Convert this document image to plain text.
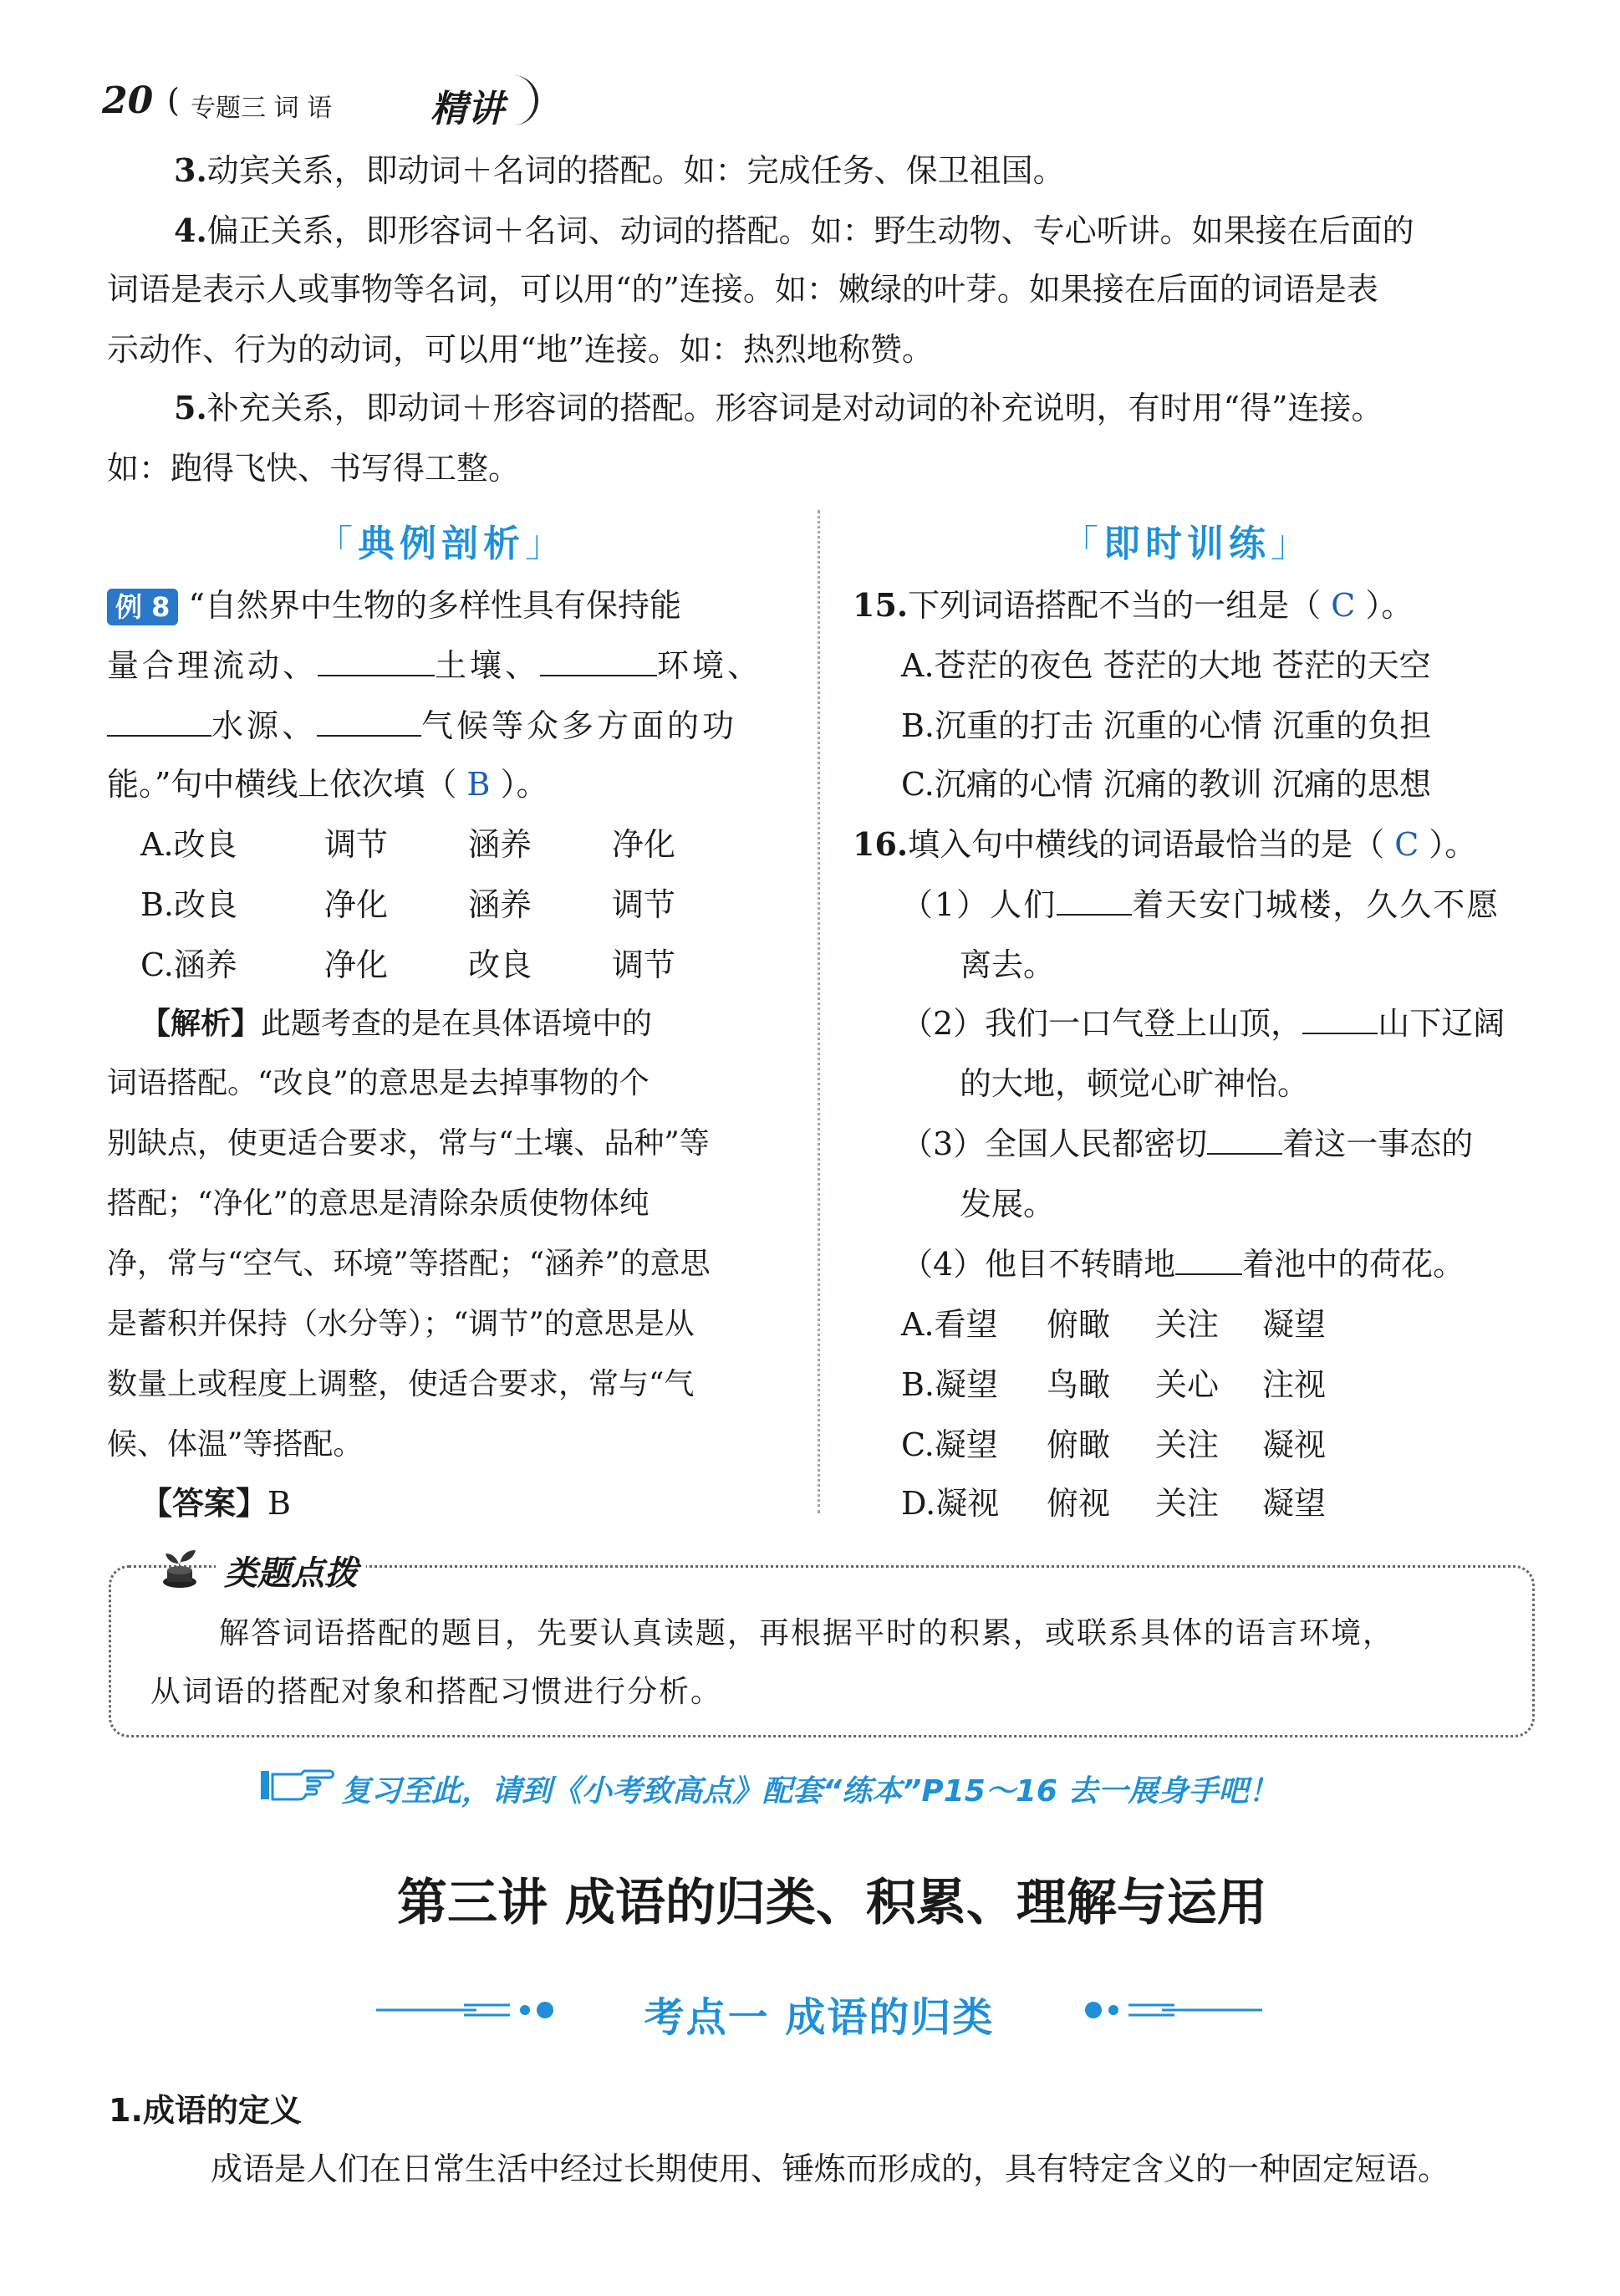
20 ( 专题三 词 语	精讲
3.动宾关系，即动词＋名词的搭配。如：完成任务、保卫祖国。
4.偏正关系，即形容词＋名词、动词的搭配。如：野生动物、专心听讲。如果接在后面的
词语是表示人或事物等名词，可以用“的”连接。如：嫩绿的叶芽。如果接在后面的词语是表
示动作、行为的动词，可以用“地”连接。如：热烈地称赞。
5.补充关系，即动词＋形容词的搭配。形容词是对动词的补充说明，有时用“得”连接。
如：跑得飞快、书写得工整。
「典例剖析」	「即时训练」
例 8 “自然界中生物的多样性具有保持能
量合理流动、	土壤、	环境、
水源、	气候等众多方面的功
能。”句中横线上依次填（ B ）。
A.改良	调节	涵养	净化
B.改良	净化	涵养	调节
C.涵养	净化	改良	调节
【解析】此题考查的是在具体语境中的
词语搭配。“改良”的意思是去掉事物的个
别缺点，使更适合要求，常与“土壤、品种”等
搭配；“净化”的意思是清除杂质使物体纯
净，常与“空气、环境”等搭配；“涵养”的意思
是蓄积并保持（水分等）；“调节”的意思是从
数量上或程度上调整，使适合要求，常与“气
候、体温”等搭配。
【答案】B
15.下列词语搭配不当的一组是（ C ）。
A.苍茫的夜色 苍茫的大地 苍茫的天空
B.沉重的打击 沉重的心情 沉重的负担
C.沉痛的心情 沉痛的教训 沉痛的思想
16.填入句中横线的词语最恰当的是（ C ）。
（1）人们 着天安门城楼，久久不愿
离去。
（2）我们一口气登上山顶， 山下辽阔
的大地，顿觉心旷神怡。
（3）全国人民都密切 着这一事态的
发展。
（4）他目不转睛地 着池中的荷花。
A.看望 俯瞰 关注 凝望
B.凝望 鸟瞰 关心 注视
C.凝望 俯瞰 关注 凝视
D.凝视 俯视 关注 凝望
类题点拨
解答词语搭配的题目，先要认真读题，再根据平时的积累，或联系具体的语言环境，
从词语的搭配对象和搭配习惯进行分析。
复习至此，请到《小考致高点》配套“练本”P15～16 去一展身手吧！
第三讲 成语的归类、积累、理解与运用
考点一 成语的归类
1.成语的定义
成语是人们在日常生活中经过长期使用、锤炼而形成的，具有特定含义的一种固定短语。
